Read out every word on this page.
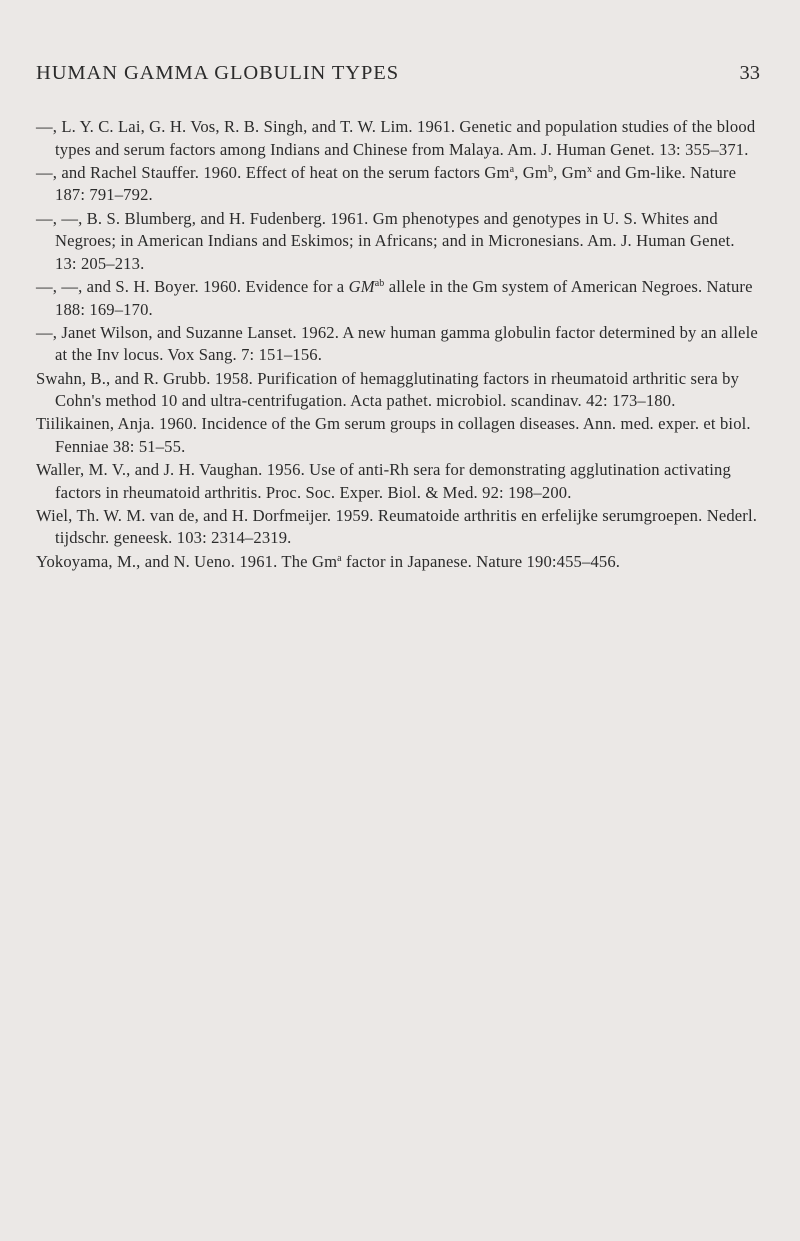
HUMAN GAMMA GLOBULIN TYPES	33

—, L. Y. C. Lai, G. H. Vos, R. B. Singh, and T. W. Lim. 1961. Genetic and population studies of the blood types and serum factors among Indians and Chinese from Malaya. Am. J. Human Genet. 13: 355–371.

—, and Rachel Stauffer. 1960. Effect of heat on the serum factors Gm$^a$, Gm$^b$, Gm$^x$ and Gm-like. Nature 187: 791–792.

—, —, B. S. Blumberg, and H. Fudenberg. 1961. Gm phenotypes and genotypes in U. S. Whites and Negroes; in American Indians and Eskimos; in Africans; and in Micronesians. Am. J. Human Genet. 13: 205–213.

—, —, and S. H. Boyer. 1960. Evidence for a $GM^{ab}$ allele in the Gm system of American Negroes. Nature 188: 169–170.

—, Janet Wilson, and Suzanne Lanset. 1962. A new human gamma globulin factor determined by an allele at the Inv locus. Vox Sang. 7: 151–156.

Swahn, B., and R. Grubb. 1958. Purification of hemagglutinating factors in rheumatoid arthritic sera by Cohn's method 10 and ultra-centrifugation. Acta pathet. microbiol. scandinav. 42: 173–180.

Tiilikainen, Anja. 1960. Incidence of the Gm serum groups in collagen diseases. Ann. med. exper. et biol. Fenniae 38: 51–55.

Waller, M. V., and J. H. Vaughan. 1956. Use of anti-Rh sera for demonstrating agglutination activating factors in rheumatoid arthritis. Proc. Soc. Exper. Biol. & Med. 92: 198–200.

Wiel, Th. W. M. van de, and H. Dorfmeijer. 1959. Reumatoide arthritis en erfelijke serumgroepen. Nederl. tijdschr. geneesk. 103: 2314–2319.

Yokoyama, M., and N. Ueno. 1961. The Gm$^a$ factor in Japanese. Nature 190:455–456.
